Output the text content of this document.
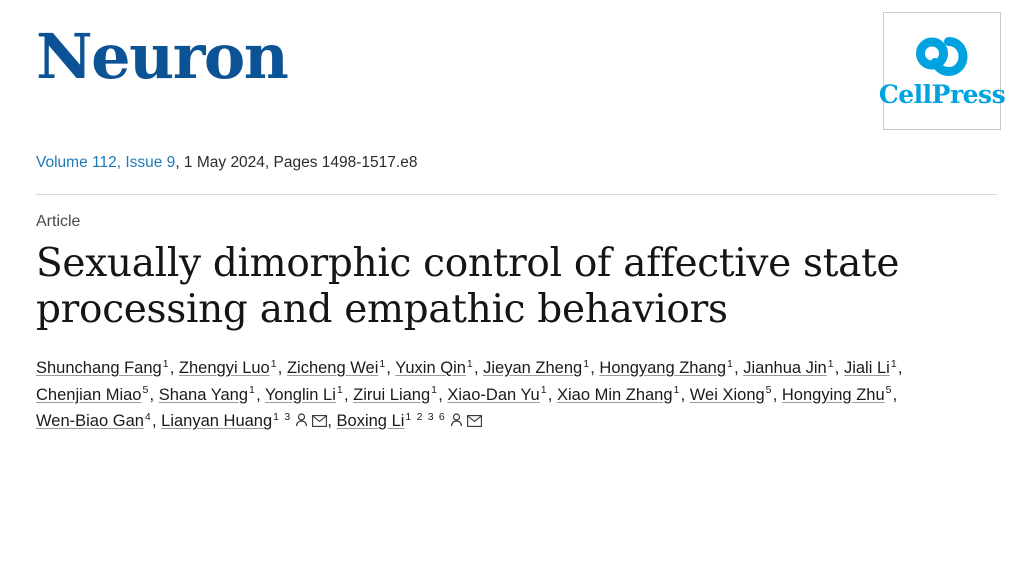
Neuron
CellPress
Volume 112, Issue 9, 1 May 2024, Pages 1498-1517.e8
Article
Sexually dimorphic control of affective state processing and empathic behaviors
Shunchang Fang$^1$, Zhengyi Luo$^1$, Zicheng Wei$^1$, Yuxin Qin$^1$, Jieyan Zheng$^1$, Hongyang Zhang$^1$, Jianhua Jin$^1$, Jiali Li$^1$, Chenjian Miao$^5$, Shana Yang$^1$, Yonglin Li$^1$, Zirui Liang$^1$, Xiao-Dan Yu$^1$, Xiao Min Zhang$^1$, Wei Xiong$^5$, Hongying Zhu$^5$, Wen-Biao Gan$^4$, Lianyan Huang$^{1 3}$ , Boxing $Li^{1 2 3 6}$
